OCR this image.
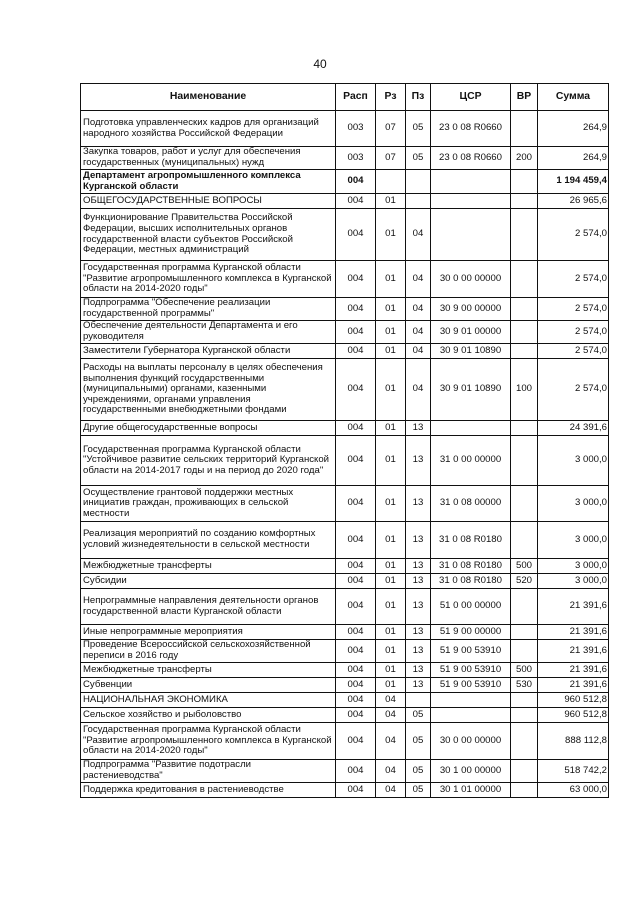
40
Наименование	Расп	Рз	Пз	ЦСР	ВР	Сумма
Подготовка управленческих кадров для организаций народного хозяйства Российской Федерации	003	07	05	23 0 08 R0660		264,9
Закупка товаров, работ и услуг для обеспечения государственных (муниципальных) нужд	003	07	05	23 0 08 R0660	200	264,9
Департамент агропромышленного комплекса Курганской области	004					1 194 459,4
ОБЩЕГОСУДАРСТВЕННЫЕ ВОПРОСЫ	004	01				26 965,6
Функционирование Правительства Российской Федерации, высших исполнительных органов государственной власти субъектов Российской Федерации, местных администраций	004	01	04			2 574,0
Государственная программа Курганской области "Развитие агропромышленного комплекса в Курганской области на 2014-2020 годы"	004	01	04	30 0 00 00000		2 574,0
Подпрограмма "Обеспечение реализации государственной программы"	004	01	04	30 9 00 00000		2 574,0
Обеспечение деятельности Департамента и его руководителя	004	01	04	30 9 01 00000		2 574,0
Заместители Губернатора Курганской области	004	01	04	30 9 01 10890		2 574,0
Расходы на выплаты персоналу в целях обеспечения выполнения функций государственными (муниципальными) органами, казенными учреждениями, органами управления государственными внебюджетными фондами	004	01	04	30 9 01 10890	100	2 574,0
Другие общегосударственные вопросы	004	01	13			24 391,6
Государственная программа Курганской области "Устойчивое развитие сельских территорий Курганской области на 2014-2017 годы и на период до 2020 года"	004	01	13	31 0 00 00000		3 000,0
Осуществление грантовой поддержки местных инициатив граждан, проживающих в сельской местности	004	01	13	31 0 08 00000		3 000,0
Реализация мероприятий по созданию комфортных условий жизнедеятельности в сельской местности	004	01	13	31 0 08 R0180		3 000,0
Межбюджетные трансферты	004	01	13	31 0 08 R0180	500	3 000,0
Субсидии	004	01	13	31 0 08 R0180	520	3 000,0
Непрограммные направления деятельности органов государственной власти Курганской области	004	01	13	51 0 00 00000		21 391,6
Иные непрограммные мероприятия	004	01	13	51 9 00 00000		21 391,6
Проведение Всероссийской сельскохозяйственной переписи в 2016 году	004	01	13	51 9 00 53910		21 391,6
Межбюджетные трансферты	004	01	13	51 9 00 53910	500	21 391,6
Субвенции	004	01	13	51 9 00 53910	530	21 391,6
НАЦИОНАЛЬНАЯ ЭКОНОМИКА	004	04				960 512,8
Сельское хозяйство и рыболовство	004	04	05			960 512,8
Государственная программа Курганской области "Развитие агропромышленного комплекса в Курганской области на 2014-2020 годы"	004	04	05	30 0 00 00000		888 112,8
Подпрограмма "Развитие подотрасли растениеводства"	004	04	05	30 1 00 00000		518 742,2
Поддержка кредитования в растениеводстве	004	04	05	30 1 01 00000		63 000,0
